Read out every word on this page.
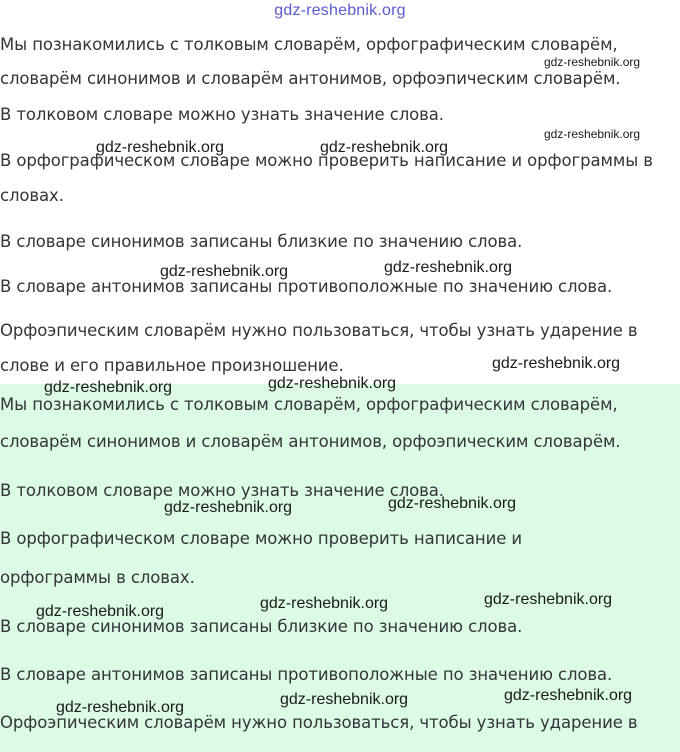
Мы познакомились с толковым словарём, орфографическим словарём,

словарём синонимов и словарём антонимов, орфоэпическим словарём.

В толковом словаре можно узнать значение слова.

В орфографическом словаре можно проверить написание и орфограммы в

словах.

В словаре синонимов записаны близкие по значению слова.

В словаре антонимов записаны противоположные по значению слова.

Орфоэпическим словарём нужно пользоваться, чтобы узнать ударение в

слове и его правильное произношение.

Мы познакомились с толковым словарём, орфографическим словарём,

словарём синонимов и словарём антонимов, орфоэпическим словарём.

В толковом словаре можно узнать значение слова.

В орфографическом словаре можно проверить написание и

орфограммы в словах.

В словаре синонимов записаны близкие по значению слова.

В словаре антонимов записаны противоположные по значению слова.

Орфоэпическим словарём нужно пользоваться, чтобы узнать ударение в

gdz-reshebnik.org
gdz-reshebnik.org
gdz-reshebnik.org
gdz-reshebnik.org	gdz-reshebnik.org
gdz-reshebnik.org	gdz-reshebnik.org
gdz-reshebnik.org
gdz-reshebnik.org	gdz-reshebnik.org
gdz-reshebnik.org	gdz-reshebnik.org
gdz-reshebnik.org	gdz-reshebnik.org	gdz-reshebnik.org
gdz-reshebnik.org	gdz-reshebnik.org	gdz-reshebnik.org
